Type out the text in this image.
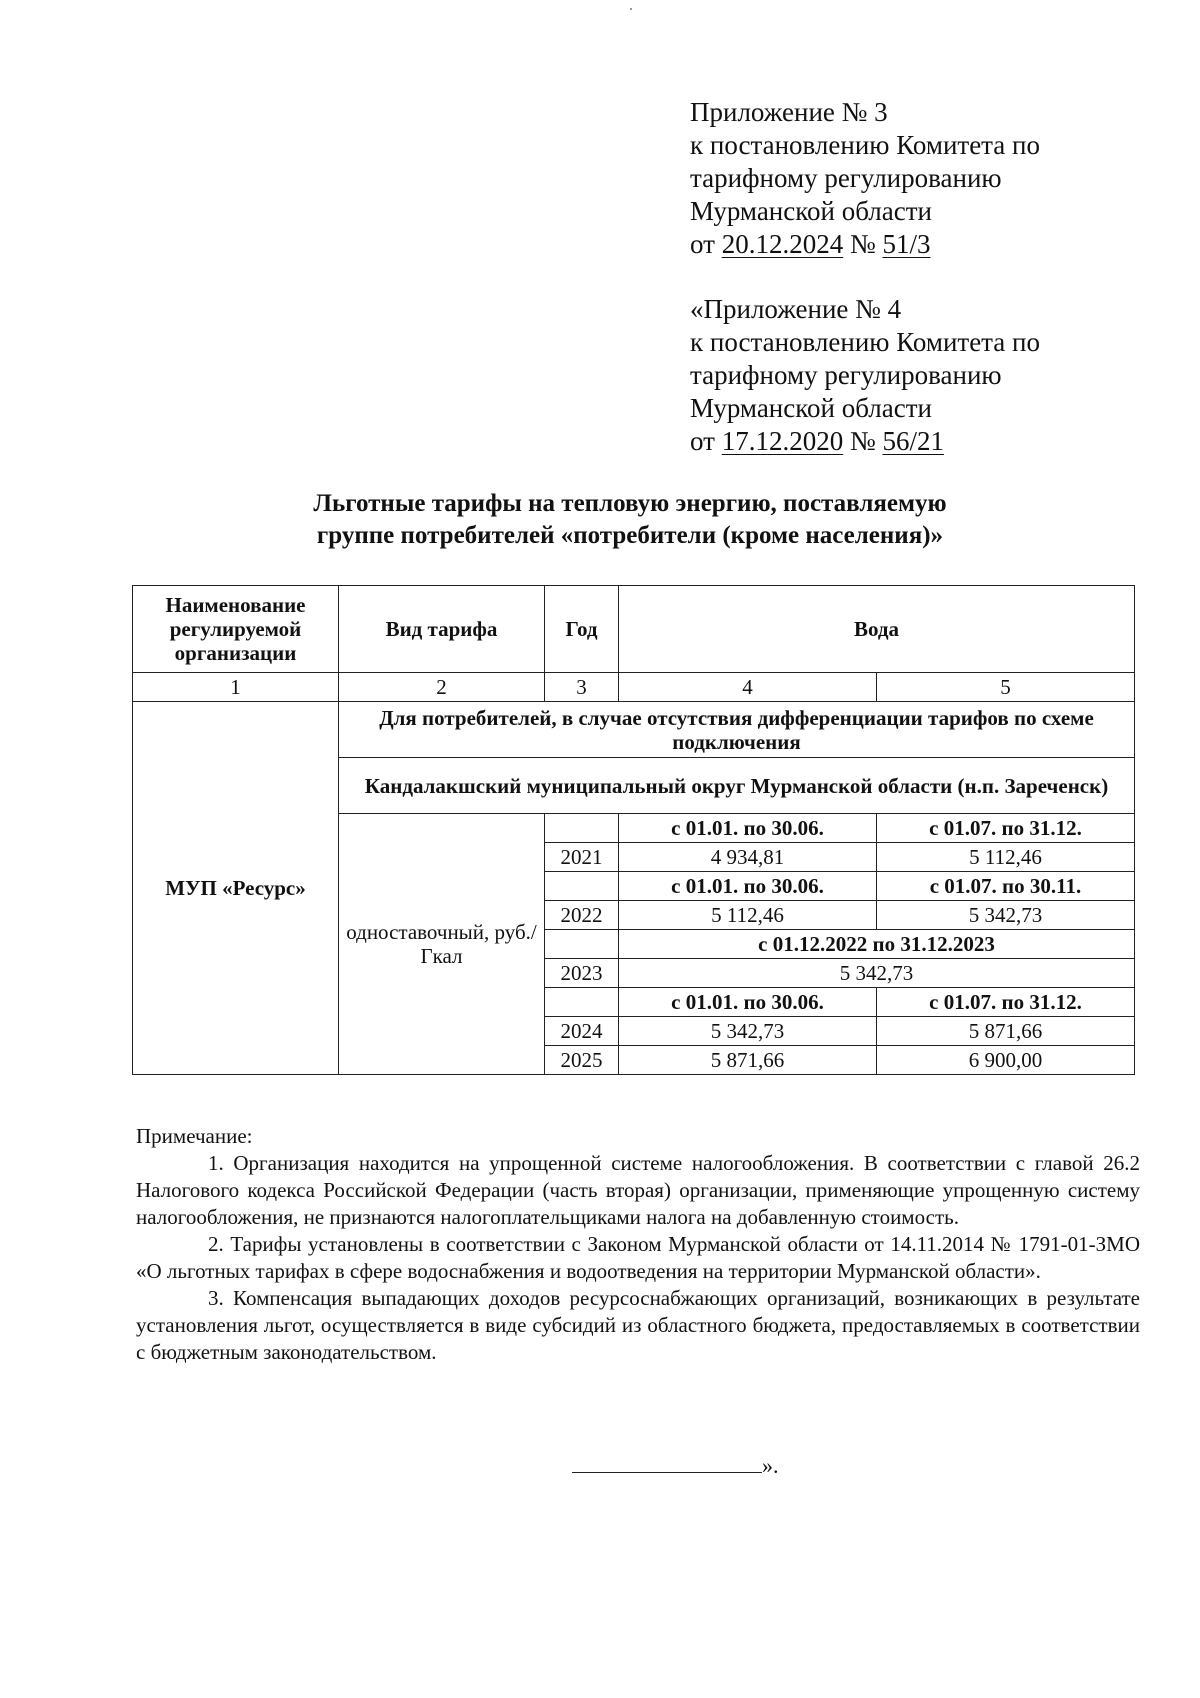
Приложение № 3
к постановлению Комитета по
тарифному регулированию
Мурманской области
от 20.12.2024 № 51/3
«Приложение № 4
к постановлению Комитета по
тарифному регулированию
Мурманской области
от 17.12.2020 № 56/21
Льготные тарифы на тепловую энергию, поставляемую
группе потребителей «потребители (кроме населения)»
Наименование регулируемой организации	Вид тарифа	Год	Вода	
1	2	3	4	5
МУП «Ресурс»	Для потребителей, в случае отсутствия дифференциации тарифов по схеме подключения			
	Кандалакшский муниципальный округ Мурманской области (н.п. Зареченск)			
	одноставочный, руб./Гкал		с 01.01. по 30.06.	с 01.07. по 31.12.
		2021	4 934,81	5 112,46
			с 01.01. по 30.06.	с 01.07. по 30.11.
		2022	5 112,46	5 342,73
			с 01.12.2022 по 31.12.2023	
		2023	5 342,73	
			с 01.01. по 30.06.	с 01.07. по 31.12.
		2024	5 342,73	5 871,66
		2025	5 871,66	6 900,00

Примечание:

1. Организация находится на упрощенной системе налогообложения. В соответствии с главой 26.2 Налогового кодекса Российской Федерации (часть вторая) организации, применяющие упрощенную систему налогообложения, не признаются налогоплательщиками налога на добавленную стоимость.

2. Тарифы установлены в соответствии с Законом Мурманской области от 14.11.2014 № 1791-01-ЗМО «О льготных тарифах в сфере водоснабжения и водоотведения на территории Мурманской области».

3. Компенсация выпадающих доходов ресурсоснабжающих организаций, возникающих в результате установления льгот, осуществляется в виде субсидий из областного бюджета, предоставляемых в соответствии с бюджетным законодательством.

».
